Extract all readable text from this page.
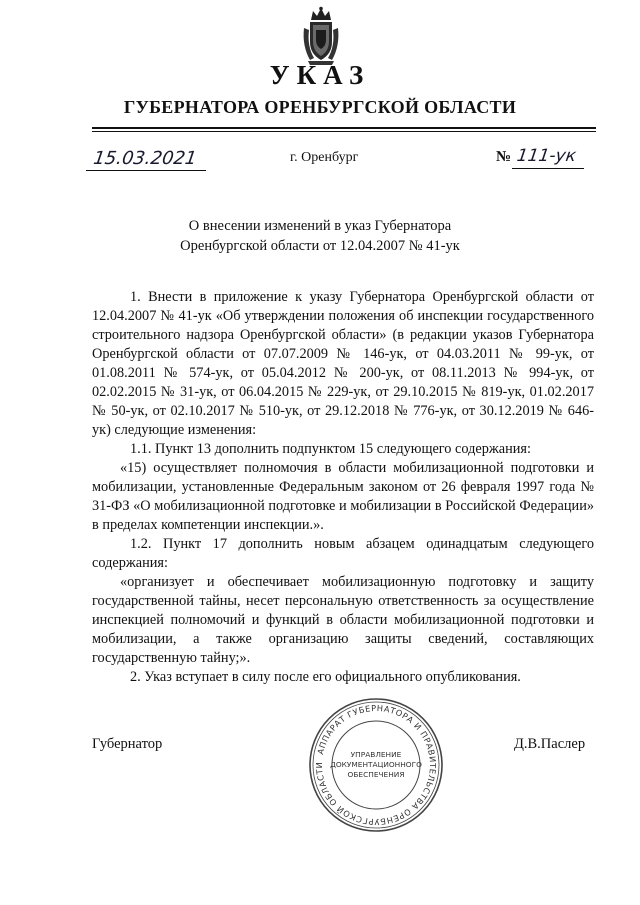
УКАЗ
ГУБЕРНАТОРА ОРЕНБУРГСКОЙ ОБЛАСТИ
15.03.2021	г. Оренбург	№ 111-ук
О внесении изменений в указ Губернатора
Оренбургской области от 12.04.2007 № 41-ук

1. Внести в приложение к указу Губернатора Оренбургской области от 12.04.2007 № 41-ук «Об утверждении положения об инспекции государственного строительного надзора Оренбургской области» (в редакции указов Губернатора Оренбургской области от 07.07.2009 № 146-ук, от 04.03.2011 № 99-ук, от 01.08.2011 № 574-ук, от 05.04.2012 № 200-ук, от 08.11.2013 № 994-ук, от 02.02.2015 № 31-ук, от 06.04.2015 № 229-ук, от 29.10.2015 № 819-ук, 01.02.2017 № 50-ук, от 02.10.2017 № 510-ук, от 29.12.2018 № 776-ук, от 30.12.2019 № 646-ук) следующие изменения:

1.1. Пункт 13 дополнить подпунктом 15 следующего содержания:

«15) осуществляет полномочия в области мобилизационной подготовки и мобилизации, установленные Федеральным законом от 26 февраля 1997 года № 31-ФЗ «О мобилизационной подготовке и мобилизации в Российской Федерации» в пределах компетенции инспекции.».

1.2. Пункт 17 дополнить новым абзацем одинадцатым следующего содержания:

«организует и обеспечивает мобилизационную подготовку и защиту государственной тайны, несет персональную ответственность за осуществление инспекцией полномочий и функций в области мобилизационной подготовки и мобилизации, а также организацию защиты сведений, составляющих государственную тайну;».

2. Указ вступает в силу после его официального опубликования.

Губернатор	Д.В.Паслер
АППАРАТ ГУБЕРНАТОРА И ПРАВИТЕЛЬСТВА ОРЕНБУРГСКОЙ ОБЛАСТИ
УПРАВЛЕНИЕ
ДОКУМЕНТАЦИОННОГО
ОБЕСПЕЧЕНИЯ
